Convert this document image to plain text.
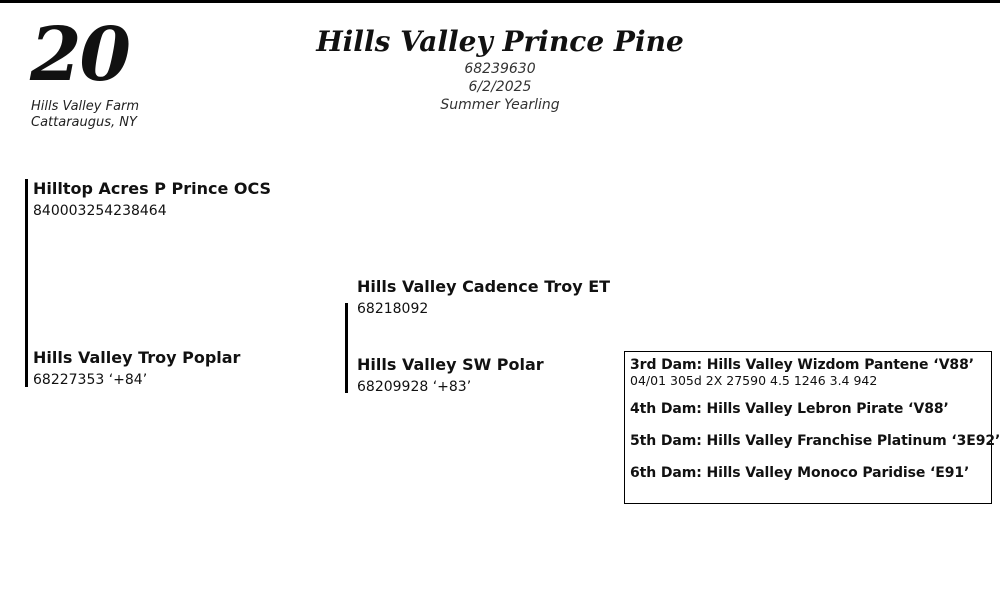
20
Hills Valley Farm
Cattaraugus, NY
Hills Valley Prince Pine
68239630
6/2/2025
Summer Yearling
Hilltop Acres P Prince OCS
840003254238464
Hills Valley Troy Poplar
68227353 ‘+84’
Hills Valley Cadence Troy ET
68218092
Hills Valley SW Polar
68209928 ‘+83’
3rd Dam: Hills Valley Wizdom Pantene ‘V88’
04/01 305d 2X 27590 4.5 1246 3.4 942
4th Dam: Hills Valley Lebron Pirate ‘V88’
5th Dam: Hills Valley Franchise Platinum ‘3E92’
6th Dam: Hills Valley Monoco Paridise ‘E91’
